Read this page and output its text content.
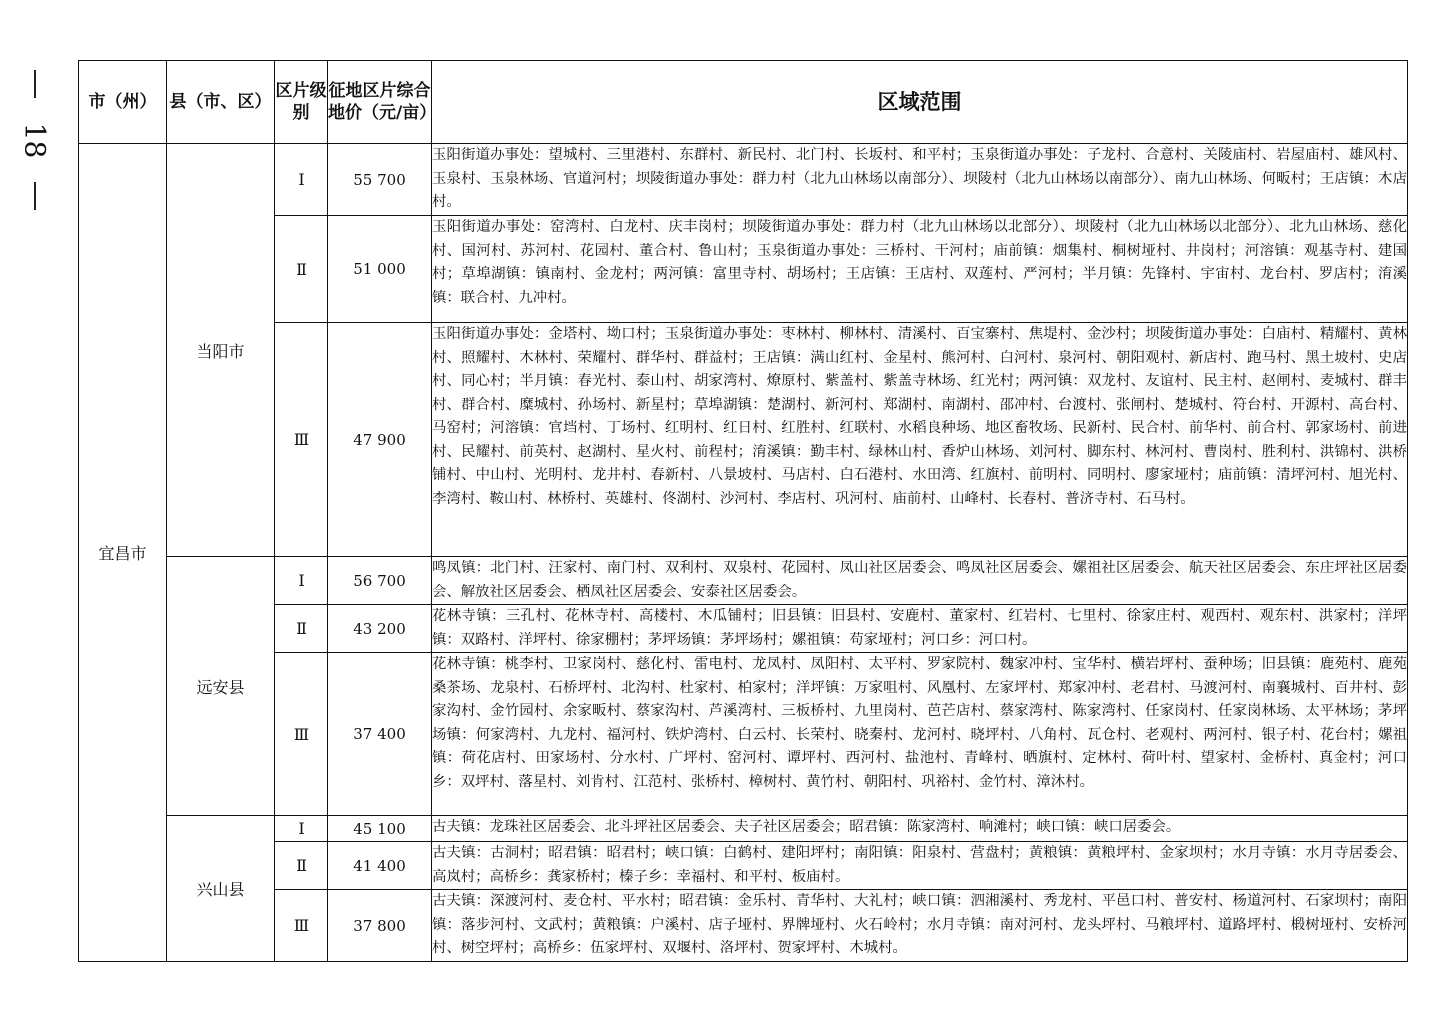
18
市（州）	县（市、区）	区片级别	征地区片综合地价（元/亩）	区域范围
宜昌市	当阳市	Ⅰ	55 700	玉阳街道办事处：望城村、三里港村、东群村、新民村、北门村、长坂村、和平村；玉泉街道办事处：子龙村、合意村、关陵庙村、岩屋庙村、雄风村、玉泉村、玉泉林场、官道河村；坝陵街道办事处：群力村（北九山林场以南部分）、坝陵村（北九山林场以南部分）、南九山林场、何畈村；王店镇：木店村。
		Ⅱ	51 000	玉阳街道办事处：窑湾村、白龙村、庆丰岗村；坝陵街道办事处：群力村（北九山林场以北部分）、坝陵村（北九山林场以北部分）、北九山林场、慈化村、国河村、苏河村、花园村、董合村、鲁山村；玉泉街道办事处：三桥村、干河村；庙前镇：烟集村、桐树垭村、井岗村；河溶镇：观基寺村、建国村；草埠湖镇：镇南村、金龙村；两河镇：富里寺村、胡场村；王店镇：王店村、双莲村、严河村；半月镇：先锋村、宇宙村、龙台村、罗店村；淯溪镇：联合村、九冲村。
		Ⅲ	47 900	玉阳街道办事处：金塔村、坳口村；玉泉街道办事处：枣林村、柳林村、清溪村、百宝寨村、焦堤村、金沙村；坝陵街道办事处：白庙村、精耀村、黄林村、照耀村、木林村、荣耀村、群华村、群益村；王店镇：满山红村、金星村、熊河村、白河村、泉河村、朝阳观村、新店村、跑马村、黑土坡村、史店村、同心村；半月镇：春光村、泰山村、胡家湾村、燎原村、紫盖村、紫盖寺林场、红光村；两河镇：双龙村、友谊村、民主村、赵闸村、麦城村、群丰村、群合村、糜城村、孙场村、新星村；草埠湖镇：楚湖村、新河村、郑湖村、南湖村、邵冲村、台渡村、张闸村、楚城村、符台村、开源村、高台村、马窑村；河溶镇：官垱村、丁场村、红明村、红日村、红胜村、红联村、水稻良种场、地区畜牧场、民新村、民合村、前华村、前合村、郭家场村、前进村、民耀村、前英村、赵湖村、星火村、前程村；淯溪镇：勤丰村、绿林山村、香炉山林场、刘河村、脚东村、林河村、曹岗村、胜利村、洪锦村、洪桥铺村、中山村、光明村、龙井村、春新村、八景坡村、马店村、白石港村、水田湾、红旗村、前明村、同明村、廖家垭村；庙前镇：清坪河村、旭光村、李湾村、鞍山村、林桥村、英雄村、佟湖村、沙河村、李店村、巩河村、庙前村、山峰村、长春村、普济寺村、石马村。
	远安县	Ⅰ	56 700	鸣凤镇：北门村、汪家村、南门村、双利村、双泉村、花园村、凤山社区居委会、鸣凤社区居委会、嫘祖社区居委会、航天社区居委会、东庄坪社区居委会、解放社区居委会、栖凤社区居委会、安泰社区居委会。
		Ⅱ	43 200	花林寺镇：三孔村、花林寺村、高楼村、木瓜铺村；旧县镇：旧县村、安鹿村、董家村、红岩村、七里村、徐家庄村、观西村、观东村、洪家村；洋坪镇：双路村、洋坪村、徐家棚村；茅坪场镇：茅坪场村；嫘祖镇：苟家垭村；河口乡：河口村。
		Ⅲ	37 400	花林寺镇：桃李村、卫家岗村、慈化村、雷电村、龙凤村、凤阳村、太平村、罗家院村、魏家冲村、宝华村、横岩坪村、蚕种场；旧县镇：鹿苑村、鹿苑桑茶场、龙泉村、石桥坪村、北沟村、杜家村、柏家村；洋坪镇：万家咀村、风凰村、左家坪村、郑家冲村、老君村、马渡河村、南襄城村、百井村、彭家沟村、金竹园村、余家畈村、蔡家沟村、芦溪湾村、三板桥村、九里岗村、芭芒店村、蔡家湾村、陈家湾村、任家岗村、任家岗林场、太平林场；茅坪场镇：何家湾村、九龙村、福河村、铁炉湾村、白云村、长荣村、晓秦村、龙河村、晓坪村、八角村、瓦仓村、老观村、两河村、银子村、花台村；嫘祖镇：荷花店村、田家场村、分水村、广坪村、窑河村、谭坪村、西河村、盐池村、青峰村、晒旗村、定林村、荷叶村、望家村、金桥村、真金村；河口乡：双坪村、落星村、刘肯村、江范村、张桥村、樟树村、黄竹村、朝阳村、巩裕村、金竹村、漳沐村。
	兴山县	Ⅰ	45 100	古夫镇：龙珠社区居委会、北斗坪社区居委会、夫子社区居委会；昭君镇：陈家湾村、响滩村；峡口镇：峡口居委会。
		Ⅱ	41 400	古夫镇：古洞村；昭君镇：昭君村；峡口镇：白鹤村、建阳坪村；南阳镇：阳泉村、营盘村；黄粮镇：黄粮坪村、金家坝村；水月寺镇：水月寺居委会、高岚村；高桥乡：龚家桥村；榛子乡：幸福村、和平村、板庙村。
		Ⅲ	37 800	古夫镇：深渡河村、麦仓村、平水村；昭君镇：金乐村、青华村、大礼村；峡口镇：泗湘溪村、秀龙村、平邑口村、普安村、杨道河村、石家坝村；南阳镇：落步河村、文武村；黄粮镇：户溪村、店子垭村、界牌垭村、火石岭村；水月寺镇：南对河村、龙头坪村、马粮坪村、道路坪村、椴树垭村、安桥河村、树空坪村；高桥乡：伍家坪村、双堰村、洛坪村、贺家坪村、木城村。
